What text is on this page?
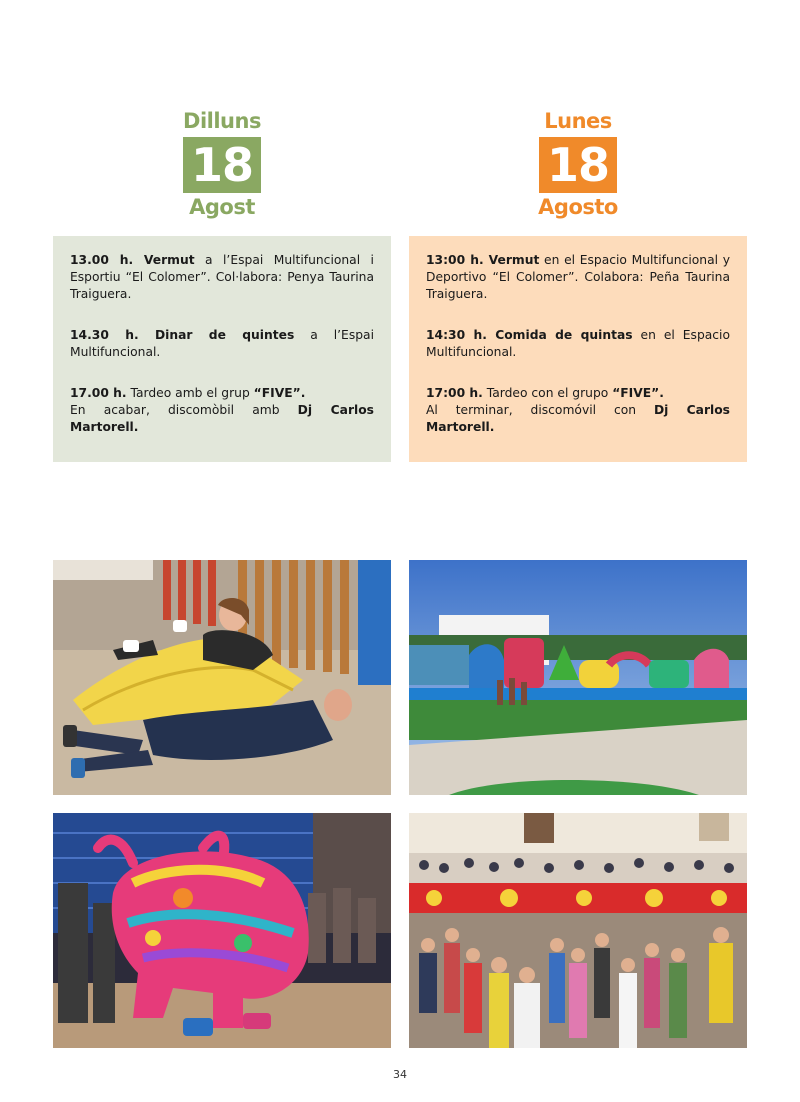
Dilluns
18
Agost
Lunes
18
Agosto

13.00 h. Vermut a l’Espai Multifuncional i Esportiu “El Colomer”. Col·labora: Penya Taurina Traiguera.

14.30 h. Dinar de quintes a l’Espai Multifuncional.

17.00 h. Tardeo amb el grup “FIVE”.

En acabar, discomòbil amb Dj Carlos Martorell.

13:00 h. Vermut en el Espacio Multifuncional y Deportivo “El Colomer”. Colabora: Peña Taurina Traiguera.

14:30 h. Comida de quintas en el Espacio Multifuncional.

17:00 h. Tardeo con el grupo “FIVE”.

Al terminar, discomóvil con Dj Carlos Martorell.

34
